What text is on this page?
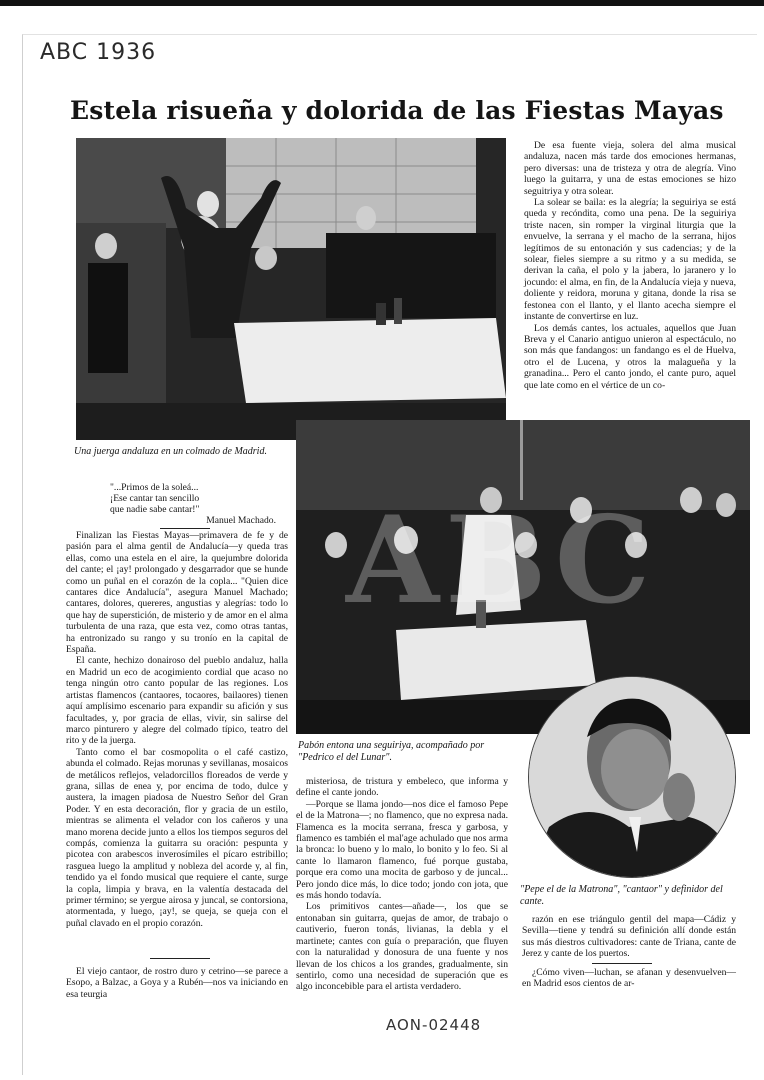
ABC 1936
Estela risueña y dolorida de las Fiestas Mayas
Una juerga andaluza en un colmado de Madrid.
"...Primos de la soleá...
¡Ese cantar tan sencillo
que nadie sabe cantar!"
Manuel Machado.

Finalizan las Fiestas Mayas—primavera de fe y de pasión para el alma gentil de Andalucía—y queda tras ellas, como una estela en el aire, la quejumbre dolorida del cante; el ¡ay! prolongado y desgarrador que se hunde como un puñal en el corazón de la copla... "Quien dice cantares dice Andalucía", asegura Manuel Machado; cantares, dolores, quereres, angustias y alegrías: todo lo que hay de superstición, de misterio y de amor en el alma turbulenta de una raza, que esta vez, como otras tantas, ha entronizado su rango y su tronío en la capital de España.

El cante, hechizo donairoso del pueblo andaluz, halla en Madrid un eco de acogimiento cordial que acaso no tenga ningún otro canto popular de las regiones. Los artistas flamencos (cantaores, tocaores, bailaores) tienen aquí amplísimo escenario para expandir su afición y sus facultades, y, por gracia de ellas, vivir, sin salirse del marco pinturero y alegre del colmado típico, teatro del rito y de la juerga.

Tanto como el bar cosmopolita o el café castizo, abunda el colmado. Rejas morunas y sevillanas, mosaicos de metálicos reflejos, veladorcillos floreados de verde y grana, sillas de enea y, por encima de todo, dulce y austera, la imagen piadosa de Nuestro Señor del Gran Poder. Y en esta decoración, flor y gracia de un estilo, mientras se alimenta el velador con los cañeros y una mano morena decide junto a ellos los tiempos seguros del compás, comienza la guitarra su oración: pespunta y picotea con arabescos inverosímiles el pícaro estribillo; rasguea luego la amplitud y nobleza del acorde y, al fin, tendido ya el fondo musical que requiere el cante, surge la copla, limpia y brava, en la valentía destacada del primer término; se yergue airosa y juncal, se contorsiona, atormentada, y luego, ¡ay!, se queja, se queja con el puñal clavado en el propio corazón.

El viejo cantaor, de rostro duro y cetrino—se parece a Esopo, a Balzac, a Goya y a Rubén—nos va iniciando en esa teurgia

De esa fuente vieja, solera del alma musical andaluza, nacen más tarde dos emociones hermanas, pero diversas: una de tristeza y otra de alegría. Vino luego la guitarra, y una de estas emociones se hizo seguitriya y otra solear.

La solear se baila: es la alegría; la seguiriya se está queda y recóndita, como una pena. De la seguiriya triste nacen, sin romper la virginal liturgia que la envuelve, la serrana y el macho de la serrana, hijos legítimos de su entonación y sus cadencias; y de la solear, fieles siempre a su ritmo y a su medida, se derivan la caña, el polo y la jabera, lo jaranero y lo jocundo: el alma, en fin, de la Andalucía vieja y nueva, doliente y reidora, moruna y gitana, donde la risa se festonea con el llanto, y el llanto acecha siempre el instante de convertirse en luz.

Los demás cantes, los actuales, aquellos que Juan Breva y el Canario antiguo unieron al espectáculo, no son más que fandangos: un fandango es el de Huelva, otro el de Lucena, y otros la malagueña y la granadina... Pero el canto jondo, el cante puro, aquel que late como en el vértice de un co-

ABC
Pabón entona una seguiriya, acompañado por "Pedrico el del Lunar".

misteriosa, de tristura y embeleco, que informa y define el cante jondo.

—Porque se llama jondo—nos dice el famoso Pepe el de la Matrona—; no flamenco, que no expresa nada. Flamenca es la mocita serrana, fresca y garbosa, y flamenco es también el mal'age achulado que nos arma la bronca: lo bueno y lo malo, lo bonito y lo feo. Si al cante lo llamaron flamenco, fué porque gustaba, porque era como una mocita de garboso y de juncal... Pero jondo dice más, lo dice todo; jondo con jota, que es más hondo todavía.

Los primitivos cantes—añade—, los que se entonaban sin guitarra, quejas de amor, de trabajo o cautiverio, fueron tonás, livianas, la debla y el martinete; cantes con guía o preparación, que fluyen con la naturalidad y donosura de una fuente y nos llevan de los chicos a los grandes, gradualmente, sin sentirlo, como una necesidad de superación que es algo inconcebible para el artista verdadero.

"Pepe el de la Matrona", "cantaor" y definidor del cante.

razón en ese triángulo gentil del mapa—Cádiz y Sevilla—tiene y tendrá su definición allí donde están sus más diestros cultivadores: cante de Triana, cante de Jerez y cante de los puertos.

¿Cómo viven—luchan, se afanan y desenvuelven—en Madrid esos cientos de ar-

AON-02448
